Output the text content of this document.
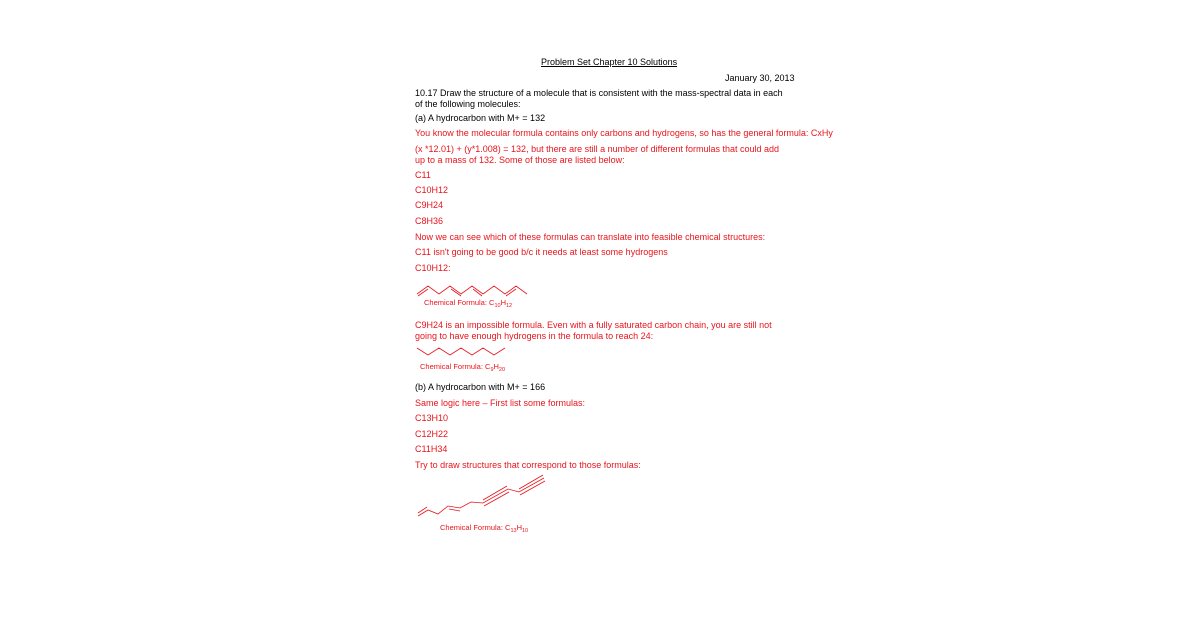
Problem Set Chapter 10 Solutions
January 30, 2013
10.17 Draw the structure of a molecule that is consistent with the mass-spectral data in each of the following molecules:
(a) A hydrocarbon with M+ = 132
You know the molecular formula contains only carbons and hydrogens, so has the general formula: CxHy
(x *12.01) + (y*1.008) = 132, but there are still a number of different formulas that could add up to a mass of 132. Some of those are listed below:
C11
C10H12
C9H24
C8H36
Now we can see which of these formulas can translate into feasible chemical structures:
C11 isn't going to be good b/c it needs at least some hydrogens
C10H12:
Chemical Formula: $C_{10}H_{12}$
C9H24 is an impossible formula. Even with a fully saturated carbon chain, you are still not going to have enough hydrogens in the formula to reach 24:
Chemical Formula: $C_9H_{20}$
(b) A hydrocarbon with M+ = 166
Same logic here – First list some formulas:
C13H10
C12H22
C11H34
Try to draw structures that correspond to those formulas:
Chemical Formula: $C_{13}H_{10}$
